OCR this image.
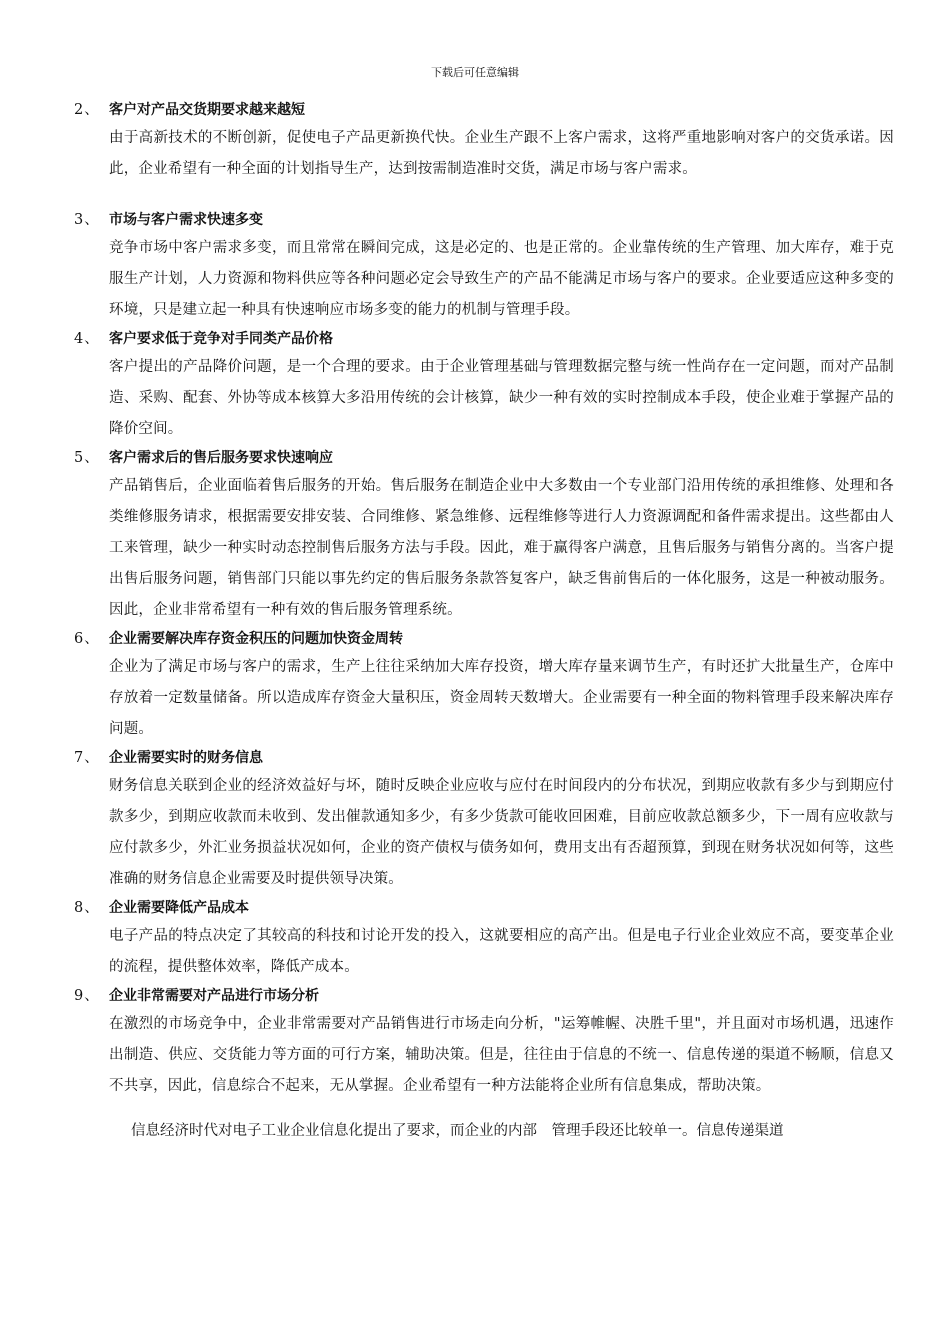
下载后可任意编辑
2、 客户对产品交货期要求越来越短
由于高新技术的不断创新，促使电子产品更新换代快。企业生产跟不上客户需求，这将严重地影响对客户的交货承诺。因此，企业希望有一种全面的计划指导生产，达到按需制造准时交货，满足市场与客户需求。
3、 市场与客户需求快速多变
竞争市场中客户需求多变，而且常常在瞬间完成，这是必定的、也是正常的。企业靠传统的生产管理、加大库存，难于克服生产计划，人力资源和物料供应等各种问题必定会导致生产的产品不能满足市场与客户的要求。企业要适应这种多变的环境，只是建立起一种具有快速响应市场多变的能力的机制与管理手段。
4、 客户要求低于竞争对手同类产品价格
客户提出的产品降价问题，是一个合理的要求。由于企业管理基础与管理数据完整与统一性尚存在一定问题，而对产品制造、采购、配套、外协等成本核算大多沿用传统的会计核算，缺少一种有效的实时控制成本手段，使企业难于掌握产品的降价空间。
5、 客户需求后的售后服务要求快速响应
产品销售后，企业面临着售后服务的开始。售后服务在制造企业中大多数由一个专业部门沿用传统的承担维修、处理和各类维修服务请求，根据需要安排安装、合同维修、紧急维修、远程维修等进行人力资源调配和备件需求提出。这些都由人工来管理，缺少一种实时动态控制售后服务方法与手段。因此，难于赢得客户满意，且售后服务与销售分离的。当客户提出售后服务问题，销售部门只能以事先约定的售后服务条款答复客户，缺乏售前售后的一体化服务，这是一种被动服务。因此，企业非常希望有一种有效的售后服务管理系统。
6、 企业需要解决库存资金积压的问题加快资金周转
企业为了满足市场与客户的需求，生产上往往采纳加大库存投资，增大库存量来调节生产，有时还扩大批量生产，仓库中存放着一定数量储备。所以造成库存资金大量积压，资金周转天数增大。企业需要有一种全面的物料管理手段来解决库存问题。
7、 企业需要实时的财务信息
财务信息关联到企业的经济效益好与坏，随时反映企业应收与应付在时间段内的分布状况，到期应收款有多少与到期应付款多少，到期应收款而未收到、发出催款通知多少，有多少货款可能收回困难，目前应收款总额多少，下一周有应收款与应付款多少，外汇业务损益状况如何，企业的资产债权与债务如何，费用支出有否超预算，到现在财务状况如何等，这些准确的财务信息企业需要及时提供领导决策。
8、 企业需要降低产品成本
电子产品的特点决定了其较高的科技和讨论开发的投入，这就要相应的高产出。但是电子行业企业效应不高，要变革企业的流程，提供整体效率，降低产成本。
9、 企业非常需要对产品进行市场分析
在激烈的市场竞争中，企业非常需要对产品销售进行市场走向分析，"运筹帷幄、决胜千里"，并且面对市场机遇，迅速作出制造、供应、交货能力等方面的可行方案，辅助决策。但是，往往由于信息的不统一、信息传递的渠道不畅顺，信息又不共享，因此，信息综合不起来，无从掌握。企业希望有一种方法能将企业所有信息集成，帮助决策。
信息经济时代对电子工业企业信息化提出了要求，而企业的内部　管理手段还比较单一。信息传递渠道
